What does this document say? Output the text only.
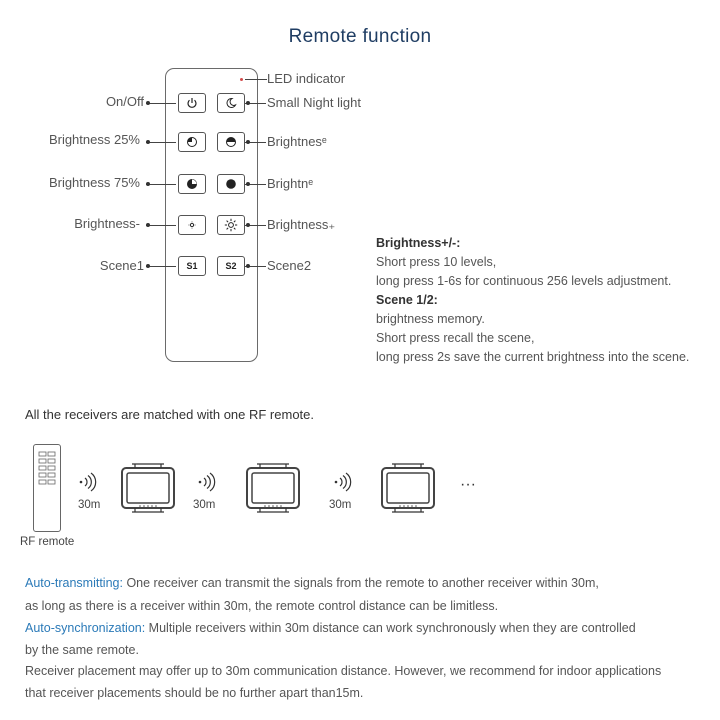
Remote function
LED indicator
On/Off	Small Night light
Brightness 25%	Brightnesᵉ
Brightness 75%	Brightnᵉ
Brightness-	Brightness₊
Scene1	S1	S2	Scene2
Brightness+/-:
Short press 10 levels,
long press 1-6s for continuous 256 levels adjustment.
Scene 1/2:
brightness memory.
Short press recall the scene,
long press 2s save the current brightness into the scene.
All the receivers are matched with one RF remote.
RF remote
30m	30m	30m
···
Auto-transmitting: One receiver can transmit the signals from the remote to another receiver within 30m,
as long as there is a receiver within 30m, the remote control distance can be limitless.
Auto-synchronization: Multiple receivers within 30m distance can work synchronously when they are controlled
by the same remote.
Receiver placement may offer up to 30m communication distance. However, we recommend for indoor applications
that receiver placements should be no further apart than15m.
